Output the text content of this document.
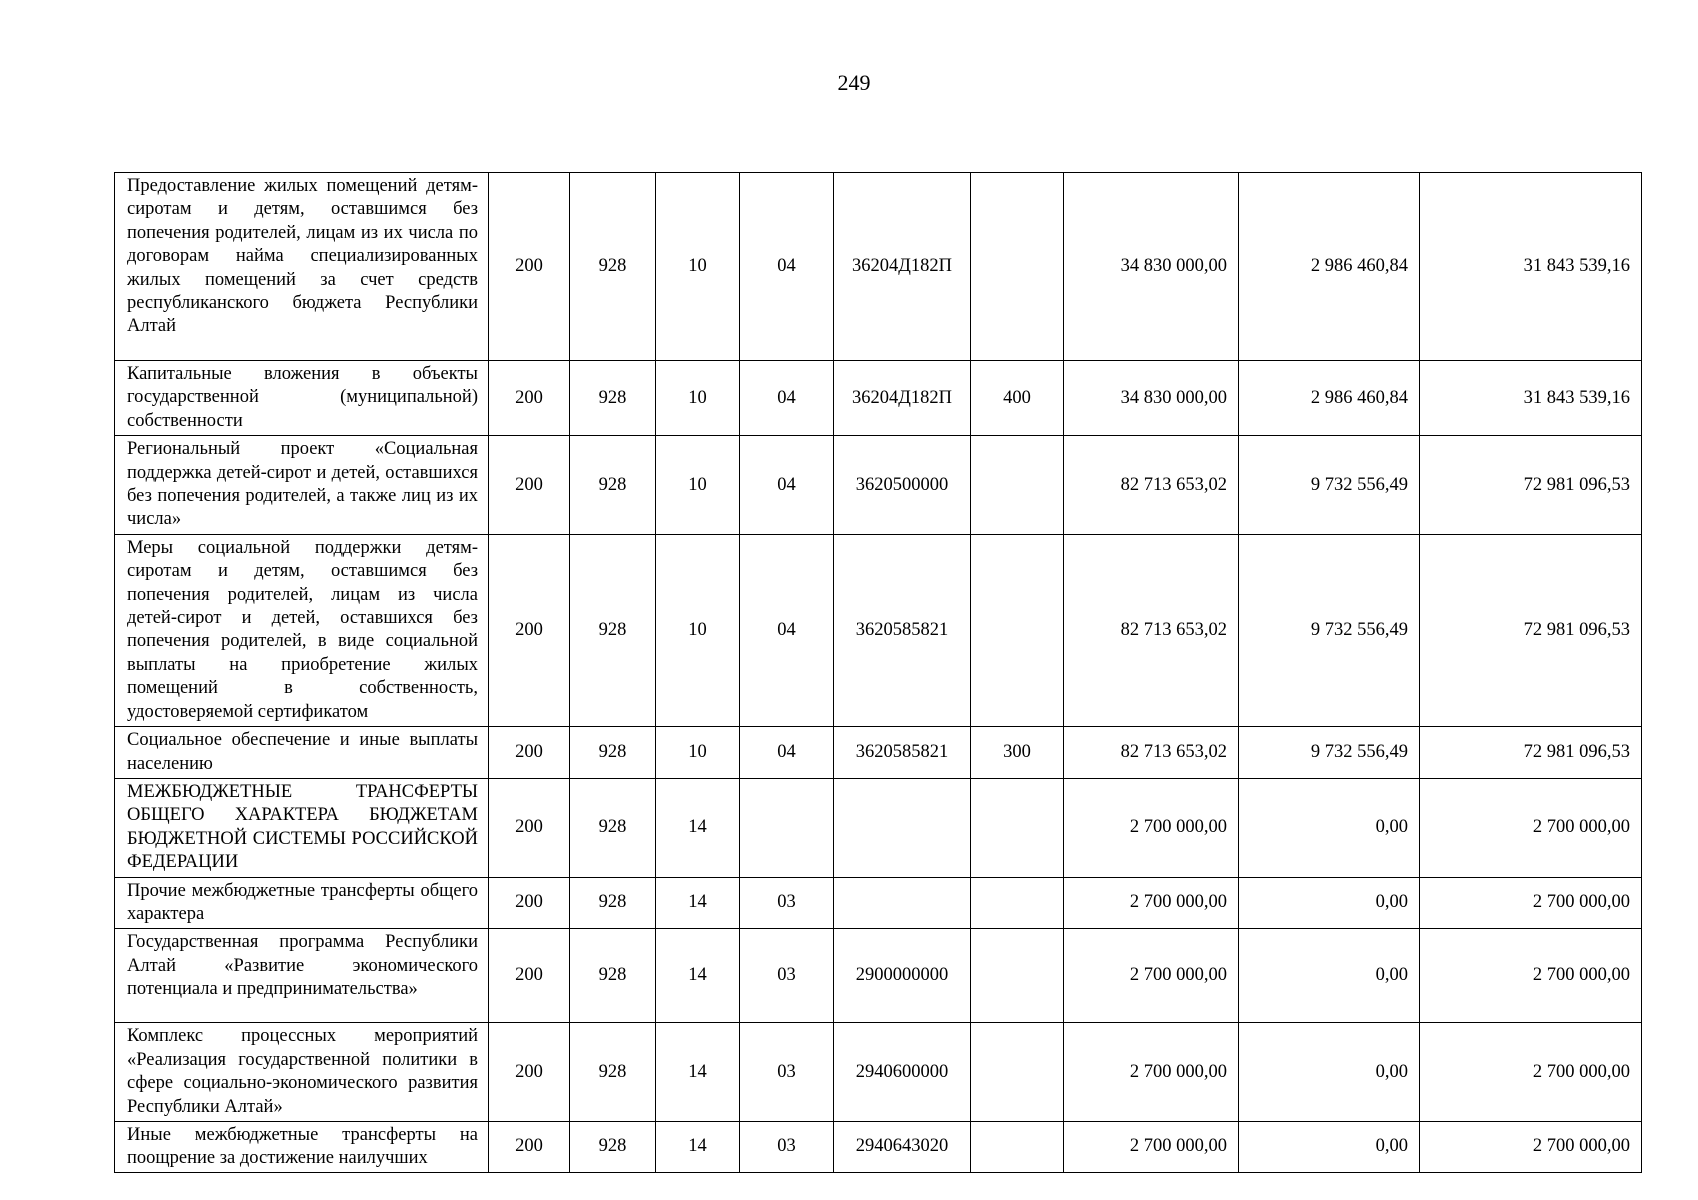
249
Предоставление жилых помещений детям-сиротам и детям, оставшимся без попечения родителей, лицам из их числа по договорам найма специализированных жилых помещений за счет средств республиканского бюджета Республики Алтай	200	928	10	04	36204Д182П		34 830 000,00	2 986 460,84	31 843 539,16
Капитальные вложения в объекты государственной (муниципальной) собственности	200	928	10	04	36204Д182П	400	34 830 000,00	2 986 460,84	31 843 539,16
Региональный проект «Социальная поддержка детей-сирот и детей, оставшихся без попечения родителей, а также лиц из их числа»	200	928	10	04	3620500000		82 713 653,02	9 732 556,49	72 981 096,53
Меры социальной поддержки детям-сиротам и детям, оставшимся без попечения родителей, лицам из числа детей-сирот и детей, оставшихся без попечения родителей, в виде социальной выплаты на приобретение жилых помещений в собственность, удостоверяемой сертификатом	200	928	10	04	3620585821		82 713 653,02	9 732 556,49	72 981 096,53
Социальное обеспечение и иные выплаты населению	200	928	10	04	3620585821	300	82 713 653,02	9 732 556,49	72 981 096,53
МЕЖБЮДЖЕТНЫЕ ТРАНСФЕРТЫ ОБЩЕГО ХАРАКТЕРА БЮДЖЕТАМ БЮДЖЕТНОЙ СИСТЕМЫ РОССИЙСКОЙ ФЕДЕРАЦИИ	200	928	14				2 700 000,00	0,00	2 700 000,00
Прочие межбюджетные трансферты общего характера	200	928	14	03			2 700 000,00	0,00	2 700 000,00
Государственная программа Республики Алтай «Развитие экономического потенциала и предпринимательства»	200	928	14	03	2900000000		2 700 000,00	0,00	2 700 000,00
Комплекс процессных мероприятий «Реализация государственной политики в сфере социально-экономического развития Республики Алтай»	200	928	14	03	2940600000		2 700 000,00	0,00	2 700 000,00

Иные межбюджетные трансферты на поощрение за достижение наилучших	200	928	14	03	2940643020		2 700 000,00	0,00	2 700 000,00
